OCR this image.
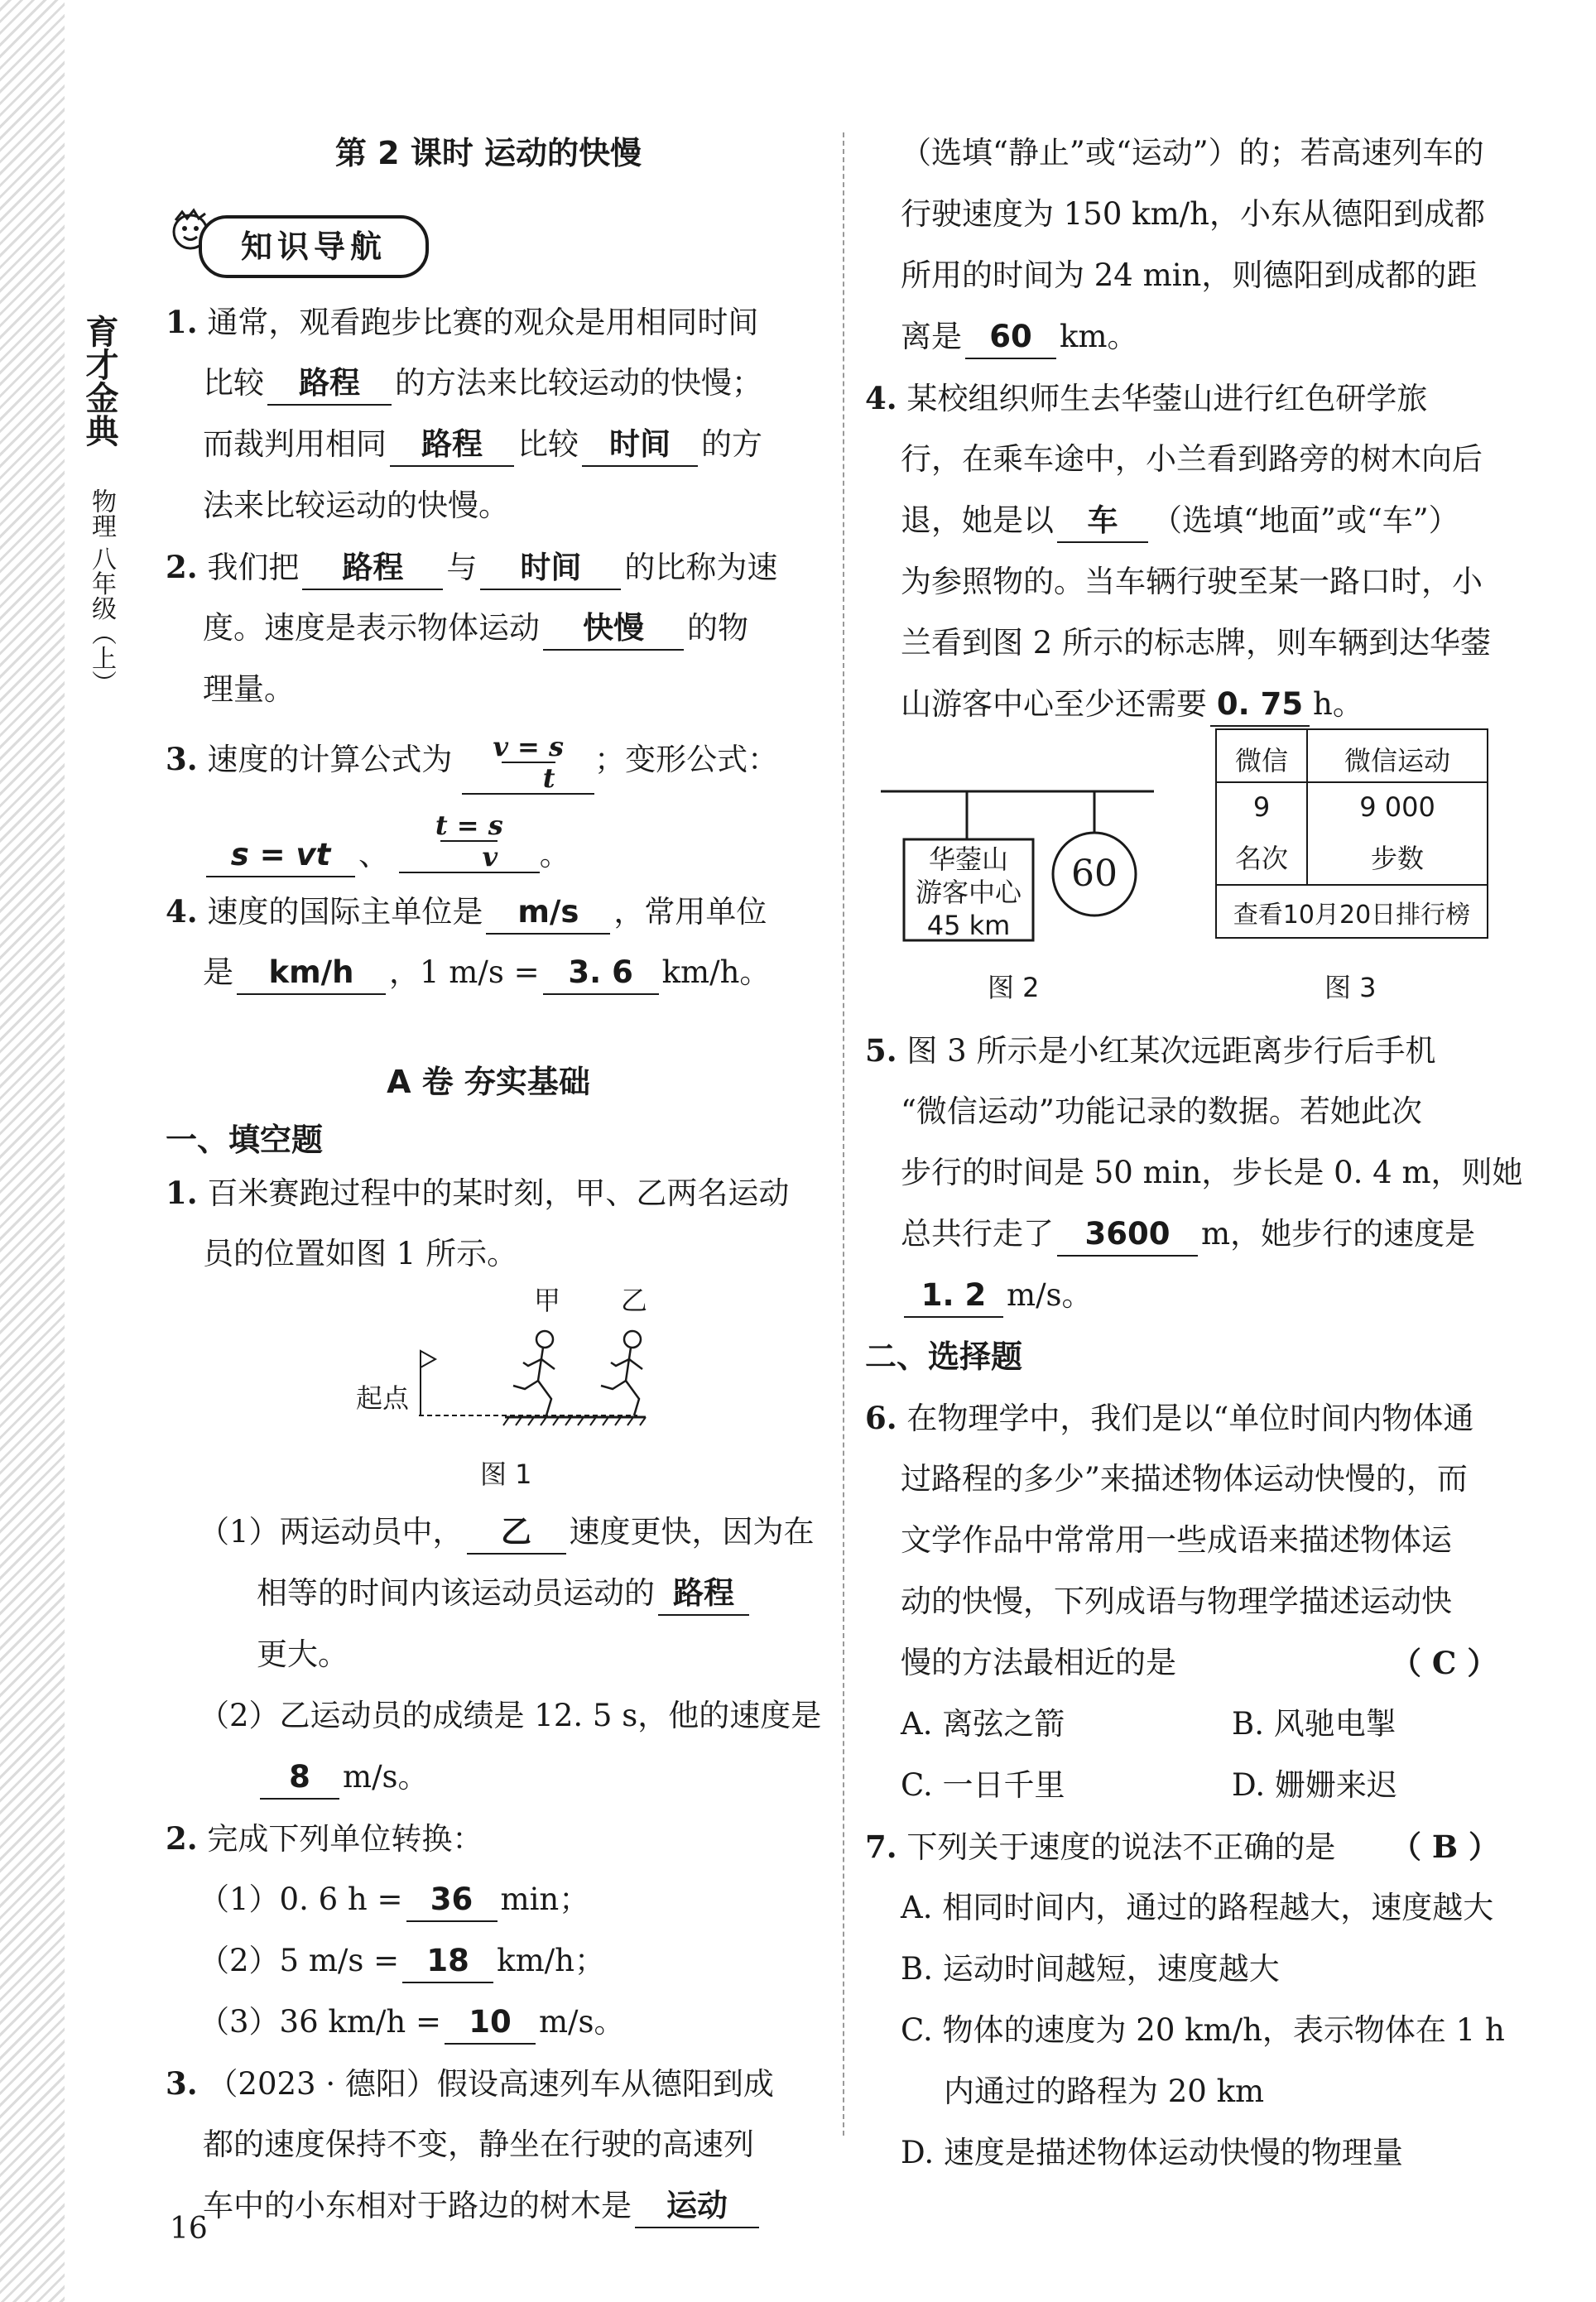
育才金典
物理 八年级（上）
第 2 课时 运动的快慢
知识导航
1. 通常，观看跑步比赛的观众是用相同时间
比较 路程 的方法来比较运动的快慢；
而裁判用相同 路程 比较 时间 的方
法来比较运动的快慢。
2. 我们把 路程 与 时间 的比称为速
度。速度是表示物体运动 快慢 的物
理量。
3. 速度的计算公式为 $\frac{v = s}{t}$ ；变形公式：
s = vt 、 $\frac{t = s}{v}$ 。
4. 速度的国际主单位是 m/s ，常用单位
是 km/h ，1 m/s = 3. 6 km/h。
A 卷 夯实基础
一、填空题
1. 百米赛跑过程中的某时刻，甲、乙两名运动
员的位置如图 1 所示。
甲 乙
起点
图 1
（1）两运动员中， 乙 速度更快，因为在
相等的时间内该运动员运动的 路程
更大。
（2）乙运动员的成绩是 12. 5 s，他的速度是
8 m/s。
2. 完成下列单位转换：
（1）0. 6 h = 36 min；
（2）5 m/s = 18 km/h；
（3）36 km/h = 10 m/s。
3. （2023 · 德阳）假设高速列车从德阳到成
都的速度保持不变，静坐在行驶的高速列
车中的小东相对于路边的树木是 运动
16
（选填“静止”或“运动”）的；若高速列车的
行驶速度为 150 km/h，小东从德阳到成都
所用的时间为 24 min，则德阳到成都的距
离是 60 km。
4. 某校组织师生去华蓥山进行红色研学旅
行，在乘车途中，小兰看到路旁的树木向后
退，她是以 车 （选填“地面”或“车”）
为参照物的。当车辆行驶至某一路口时，小
兰看到图 2 所示的标志牌，则车辆到达华蓥
山游客中心至少还需要 0. 75 h。
华蓥山
游客中心
45 km
60
图 2
微信	微信运动
9	9 000
名次	步数
查看10月20日排行榜
图 3
5. 图 3 所示是小红某次远距离步行后手机
“微信运动”功能记录的数据。若她此次
步行的时间是 50 min，步长是 0. 4 m，则她
总共行走了 3600 m，她步行的速度是
1. 2 m/s。
二、选择题
6. 在物理学中，我们是以“单位时间内物体通
过路程的多少”来描述物体运动快慢的，而
文学作品中常常用一些成语来描述物体运
动的快慢，下列成语与物理学描述运动快
慢的方法最相近的是	（ C ）
A. 离弦之箭	B. 风驰电掣
C. 一日千里	D. 姗姗来迟
7. 下列关于速度的说法不正确的是 （ B ）
A. 相同时间内，通过的路程越大，速度越大
B. 运动时间越短，速度越大
C. 物体的速度为 20 km/h，表示物体在 1 h
内通过的路程为 20 km
D. 速度是描述物体运动快慢的物理量
